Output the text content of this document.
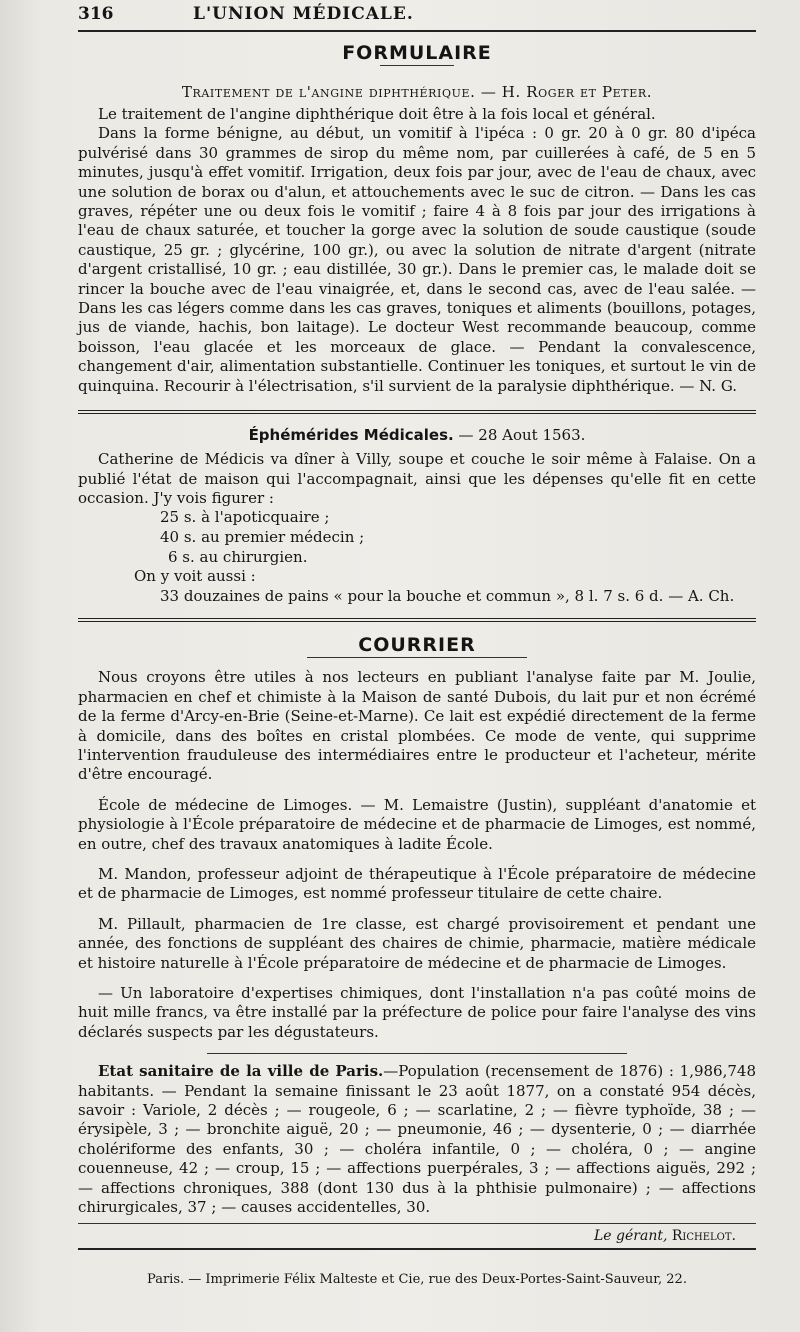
316	L'UNION MÉDICALE.
FORMULAIRE
Traitement de l'angine diphthérique. — H. Roger et Peter.

Le traitement de l'angine diphthérique doit être à la fois local et général.

Dans la forme bénigne, au début, un vomitif à l'ipéca : 0 gr. 20 à 0 gr. 80 d'ipéca pulvérisé dans 30 grammes de sirop du même nom, par cuillerées à café, de 5 en 5 minutes, jusqu'à effet vomitif. Irrigation, deux fois par jour, avec de l'eau de chaux, avec une solution de borax ou d'alun, et attouchements avec le suc de citron. — Dans les cas graves, répéter une ou deux fois le vomitif ; faire 4 à 8 fois par jour des irrigations à l'eau de chaux saturée, et toucher la gorge avec la solution de soude caustique (soude caustique, 25 gr. ; glycérine, 100 gr.), ou avec la solution de nitrate d'argent (nitrate d'argent cristallisé, 10 gr. ; eau distillée, 30 gr.). Dans le premier cas, le malade doit se rincer la bouche avec de l'eau vinaigrée, et, dans le second cas, avec de l'eau salée. — Dans les cas légers comme dans les cas graves, toniques et aliments (bouillons, potages, jus de viande, hachis, bon laitage). Le docteur West recommande beaucoup, comme boisson, l'eau glacée et les morceaux de glace. — Pendant la convalescence, changement d'air, alimentation substantielle. Continuer les toniques, et surtout le vin de quinquina. Recourir à l'électrisation, s'il survient de la paralysie diphthérique. — N. G.

Éphémérides Médicales. — 28 Aout 1563.

Catherine de Médicis va dîner à Villy, soupe et couche le soir même à Falaise. On a publié l'état de maison qui l'accompagnait, ainsi que les dépenses qu'elle fit en cette occasion. J'y vois figurer :

25 s. à l'apoticquaire ;
40 s. au premier médecin ;
6 s. au chirurgien.
On y voit aussi :
33 douzaines de pains « pour la bouche et commun », 8 l. 7 s. 6 d. — A. Ch.
COURRIER

Nous croyons être utiles à nos lecteurs en publiant l'analyse faite par M. Joulie, pharmacien en chef et chimiste à la Maison de santé Dubois, du lait pur et non écrémé de la ferme d'Arcy-en-Brie (Seine-et-Marne). Ce lait est expédié directement de la ferme à domicile, dans des boîtes en cristal plombées. Ce mode de vente, qui supprime l'intervention frauduleuse des intermédiaires entre le producteur et l'acheteur, mérite d'être encouragé.

École de médecine de Limoges. — M. Lemaistre (Justin), suppléant d'anatomie et physiologie à l'École préparatoire de médecine et de pharmacie de Limoges, est nommé, en outre, chef des travaux anatomiques à ladite École.

M. Mandon, professeur adjoint de thérapeutique à l'École préparatoire de médecine et de pharmacie de Limoges, est nommé professeur titulaire de cette chaire.

M. Pillault, pharmacien de 1re classe, est chargé provisoirement et pendant une année, des fonctions de suppléant des chaires de chimie, pharmacie, matière médicale et histoire naturelle à l'École préparatoire de médecine et de pharmacie de Limoges.

— Un laboratoire d'expertises chimiques, dont l'installation n'a pas coûté moins de huit mille francs, va être installé par la préfecture de police pour faire l'analyse des vins déclarés suspects par les dégustateurs.

Etat sanitaire de la ville de Paris.—Population (recensement de 1876) : 1,986,748 habitants. — Pendant la semaine finissant le 23 août 1877, on a constaté 954 décès, savoir : Variole, 2 décès ; — rougeole, 6 ; — scarlatine, 2 ; — fièvre typhoïde, 38 ; — érysipèle, 3 ; — bronchite aiguë, 20 ; — pneumonie, 46 ; — dysenterie, 0 ; — diarrhée cholériforme des enfants, 30 ; — choléra infantile, 0 ; — choléra, 0 ; — angine couenneuse, 42 ; — croup, 15 ; — affections puerpérales, 3 ; — affections aiguës, 292 ; — affections chroniques, 388 (dont 130 dus à la phthisie pulmonaire) ; — affections chirurgicales, 37 ; — causes accidentelles, 30.

Le gérant, Richelot.
Paris. — Imprimerie Félix Malteste et Cie, rue des Deux-Portes-Saint-Sauveur, 22.
